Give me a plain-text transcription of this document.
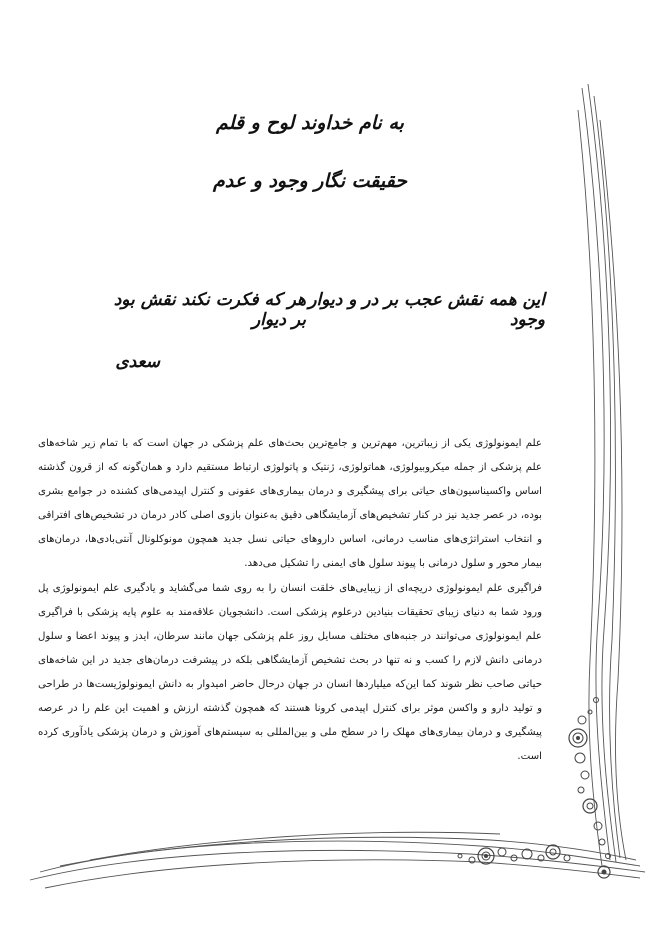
به نام خداوند لوح و قلم
حقیقت نگار وجود و عدم
این همه نقش عجب بر در و دیوار وجود
هر که فکرت نکند نقش بود بر دیوار
سعدی

علم ایمونولوژی یکی از زیباترین، مهم‌ترین و جامع‌ترین بحث‌های علم پزشکی در جهان است که با تمام زیر شاخه‌های علم پزشکی از جمله میکروبیولوژی، هماتولوژی، ژنتیک و پاتولوژی ارتباط مستقیم دارد و همان‌گونه که از قرون گذشته اساس واکسیناسیون‌های حیاتی برای پیشگیری و درمان بیماری‌های عفونی و کنترل اپیدمی‌های کشنده در جوامع بشری بوده، در عصر جدید نیز در کنار تشخیص‌های آزمایشگاهی دقیق به‌عنوان بازوی اصلی کادر درمان در تشخیص‌های افتراقی و انتخاب استراتژی‌های مناسب درمانی، اساس داروهای حیاتی نسل جدید همچون مونوکلونال آنتی‌بادی‌ها، درمان‌های بیمار محور و سلول درمانی با پیوند سلول های ایمنی را تشکیل می‌دهد.

فراگیری علم ایمونولوژی دریچه‌ای از زیبایی‌های خلقت انسان را به روی شما می‌گشاید و یادگیری علم ایمونولوژی پل ورود شما به دنیای زیبای تحقیقات بنیادین درعلوم پزشکی است. دانشجویان علاقه‌مند به علوم پایه پزشکی با فراگیری علم ایمونولوژی می‌توانند در جنبه‌های مختلف مسایل روز علم پزشکی جهان مانند سرطان، ایدز و پیوند اعضا و سلول درمانی دانش لازم را کسب و نه تنها در بحث تشخیص آزمایشگاهی بلکه در پیشرفت درمان‌های جدید در این شاخه‌های حیاتی صاحب نظر شوند کما این‌که میلیاردها انسان در جهان درحال حاضر امیدوار به دانش ایمونولوژیست‌ها در طراحی و تولید دارو و واکسن موثر برای کنترل اپیدمی کرونا هستند که همچون گذشته ارزش و اهمیت این علم را در عرصه پیشگیری و درمان بیماری‌های مهلک را در سطح ملی و بین‌المللی به سیستم‌های آموزش و درمان پزشکی یادآوری کرده است.
